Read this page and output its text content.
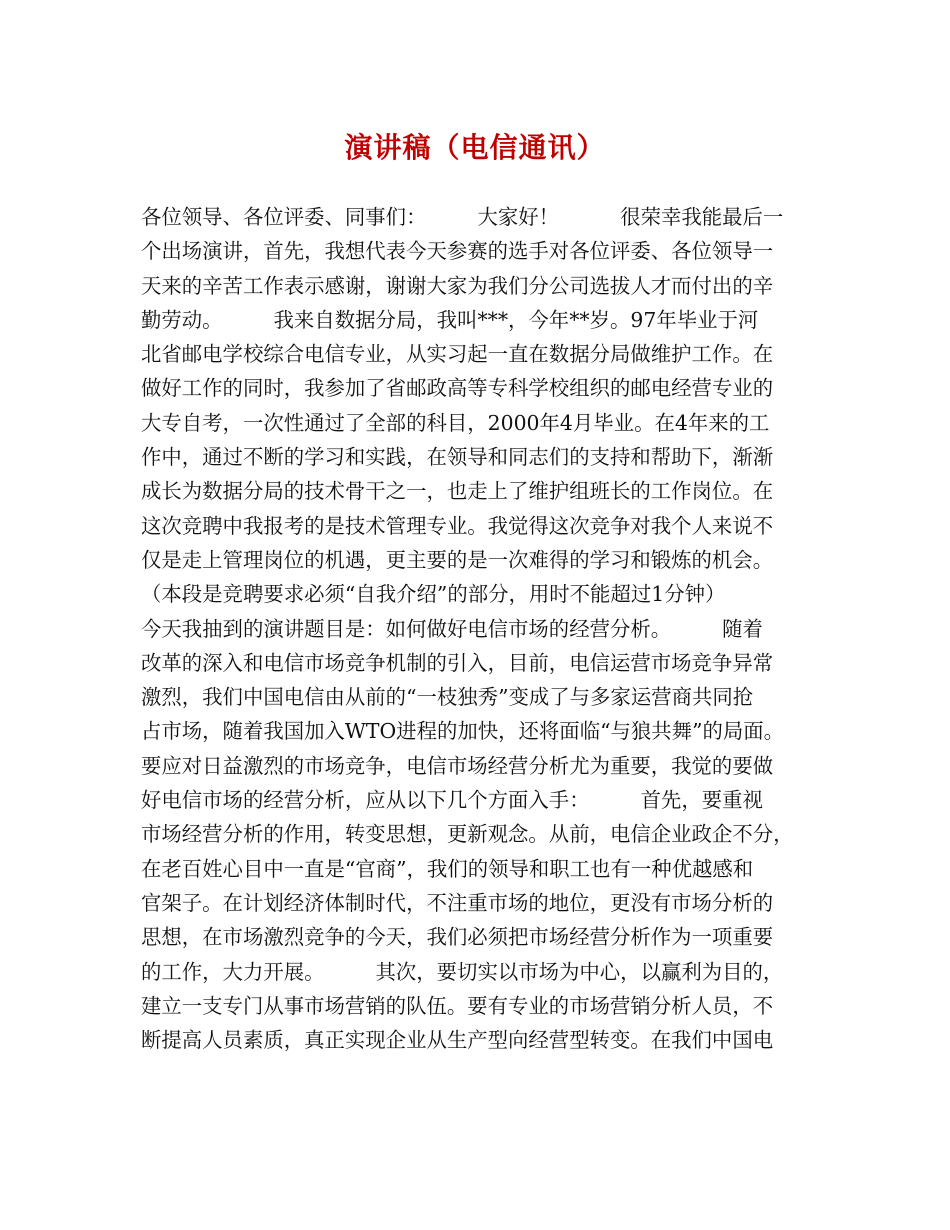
演讲稿（电信通讯）
各位领导、各位评委、同事们：　　　大家好！　　　很荣幸我能最后一
个出场演讲，首先，我想代表今天参赛的选手对各位评委、各位领导一
天来的辛苦工作表示感谢，谢谢大家为我们分公司选拔人才而付出的辛
勤劳动。　　　我来自数据分局，我叫***，今年**岁。97年毕业于河
北省邮电学校综合电信专业，从实习起一直在数据分局做维护工作。在
做好工作的同时，我参加了省邮政高等专科学校组织的邮电经营专业的
大专自考，一次性通过了全部的科目，2000年4月毕业。在4年来的工
作中，通过不断的学习和实践，在领导和同志们的支持和帮助下，渐渐
成长为数据分局的技术骨干之一，也走上了维护组班长的工作岗位。在
这次竞聘中我报考的是技术管理专业。我觉得这次竞争对我个人来说不
仅是走上管理岗位的机遇，更主要的是一次难得的学习和锻炼的机会。
（本段是竞聘要求必须“自我介绍”的部分，用时不能超过1分钟）
今天我抽到的演讲题目是：如何做好电信市场的经营分析。　　　随着
改革的深入和电信市场竞争机制的引入，目前，电信运营市场竞争异常
激烈，我们中国电信由从前的“一枝独秀”变成了与多家运营商共同抢
占市场，随着我国加入WTO进程的加快，还将面临“与狼共舞”的局面。
要应对日益激烈的市场竞争，电信市场经营分析尤为重要，我觉的要做
好电信市场的经营分析，应从以下几个方面入手：　　　首先，要重视
市场经营分析的作用，转变思想，更新观念。从前，电信企业政企不分，
在老百姓心目中一直是“官商”，我们的领导和职工也有一种优越感和
官架子。在计划经济体制时代，不注重市场的地位，更没有市场分析的
思想，在市场激烈竞争的今天，我们必须把市场经营分析作为一项重要
的工作，大力开展。　　　其次，要切实以市场为中心，以赢利为目的，
建立一支专门从事市场营销的队伍。要有专业的市场营销分析人员，不
断提高人员素质，真正实现企业从生产型向经营型转变。在我们中国电
